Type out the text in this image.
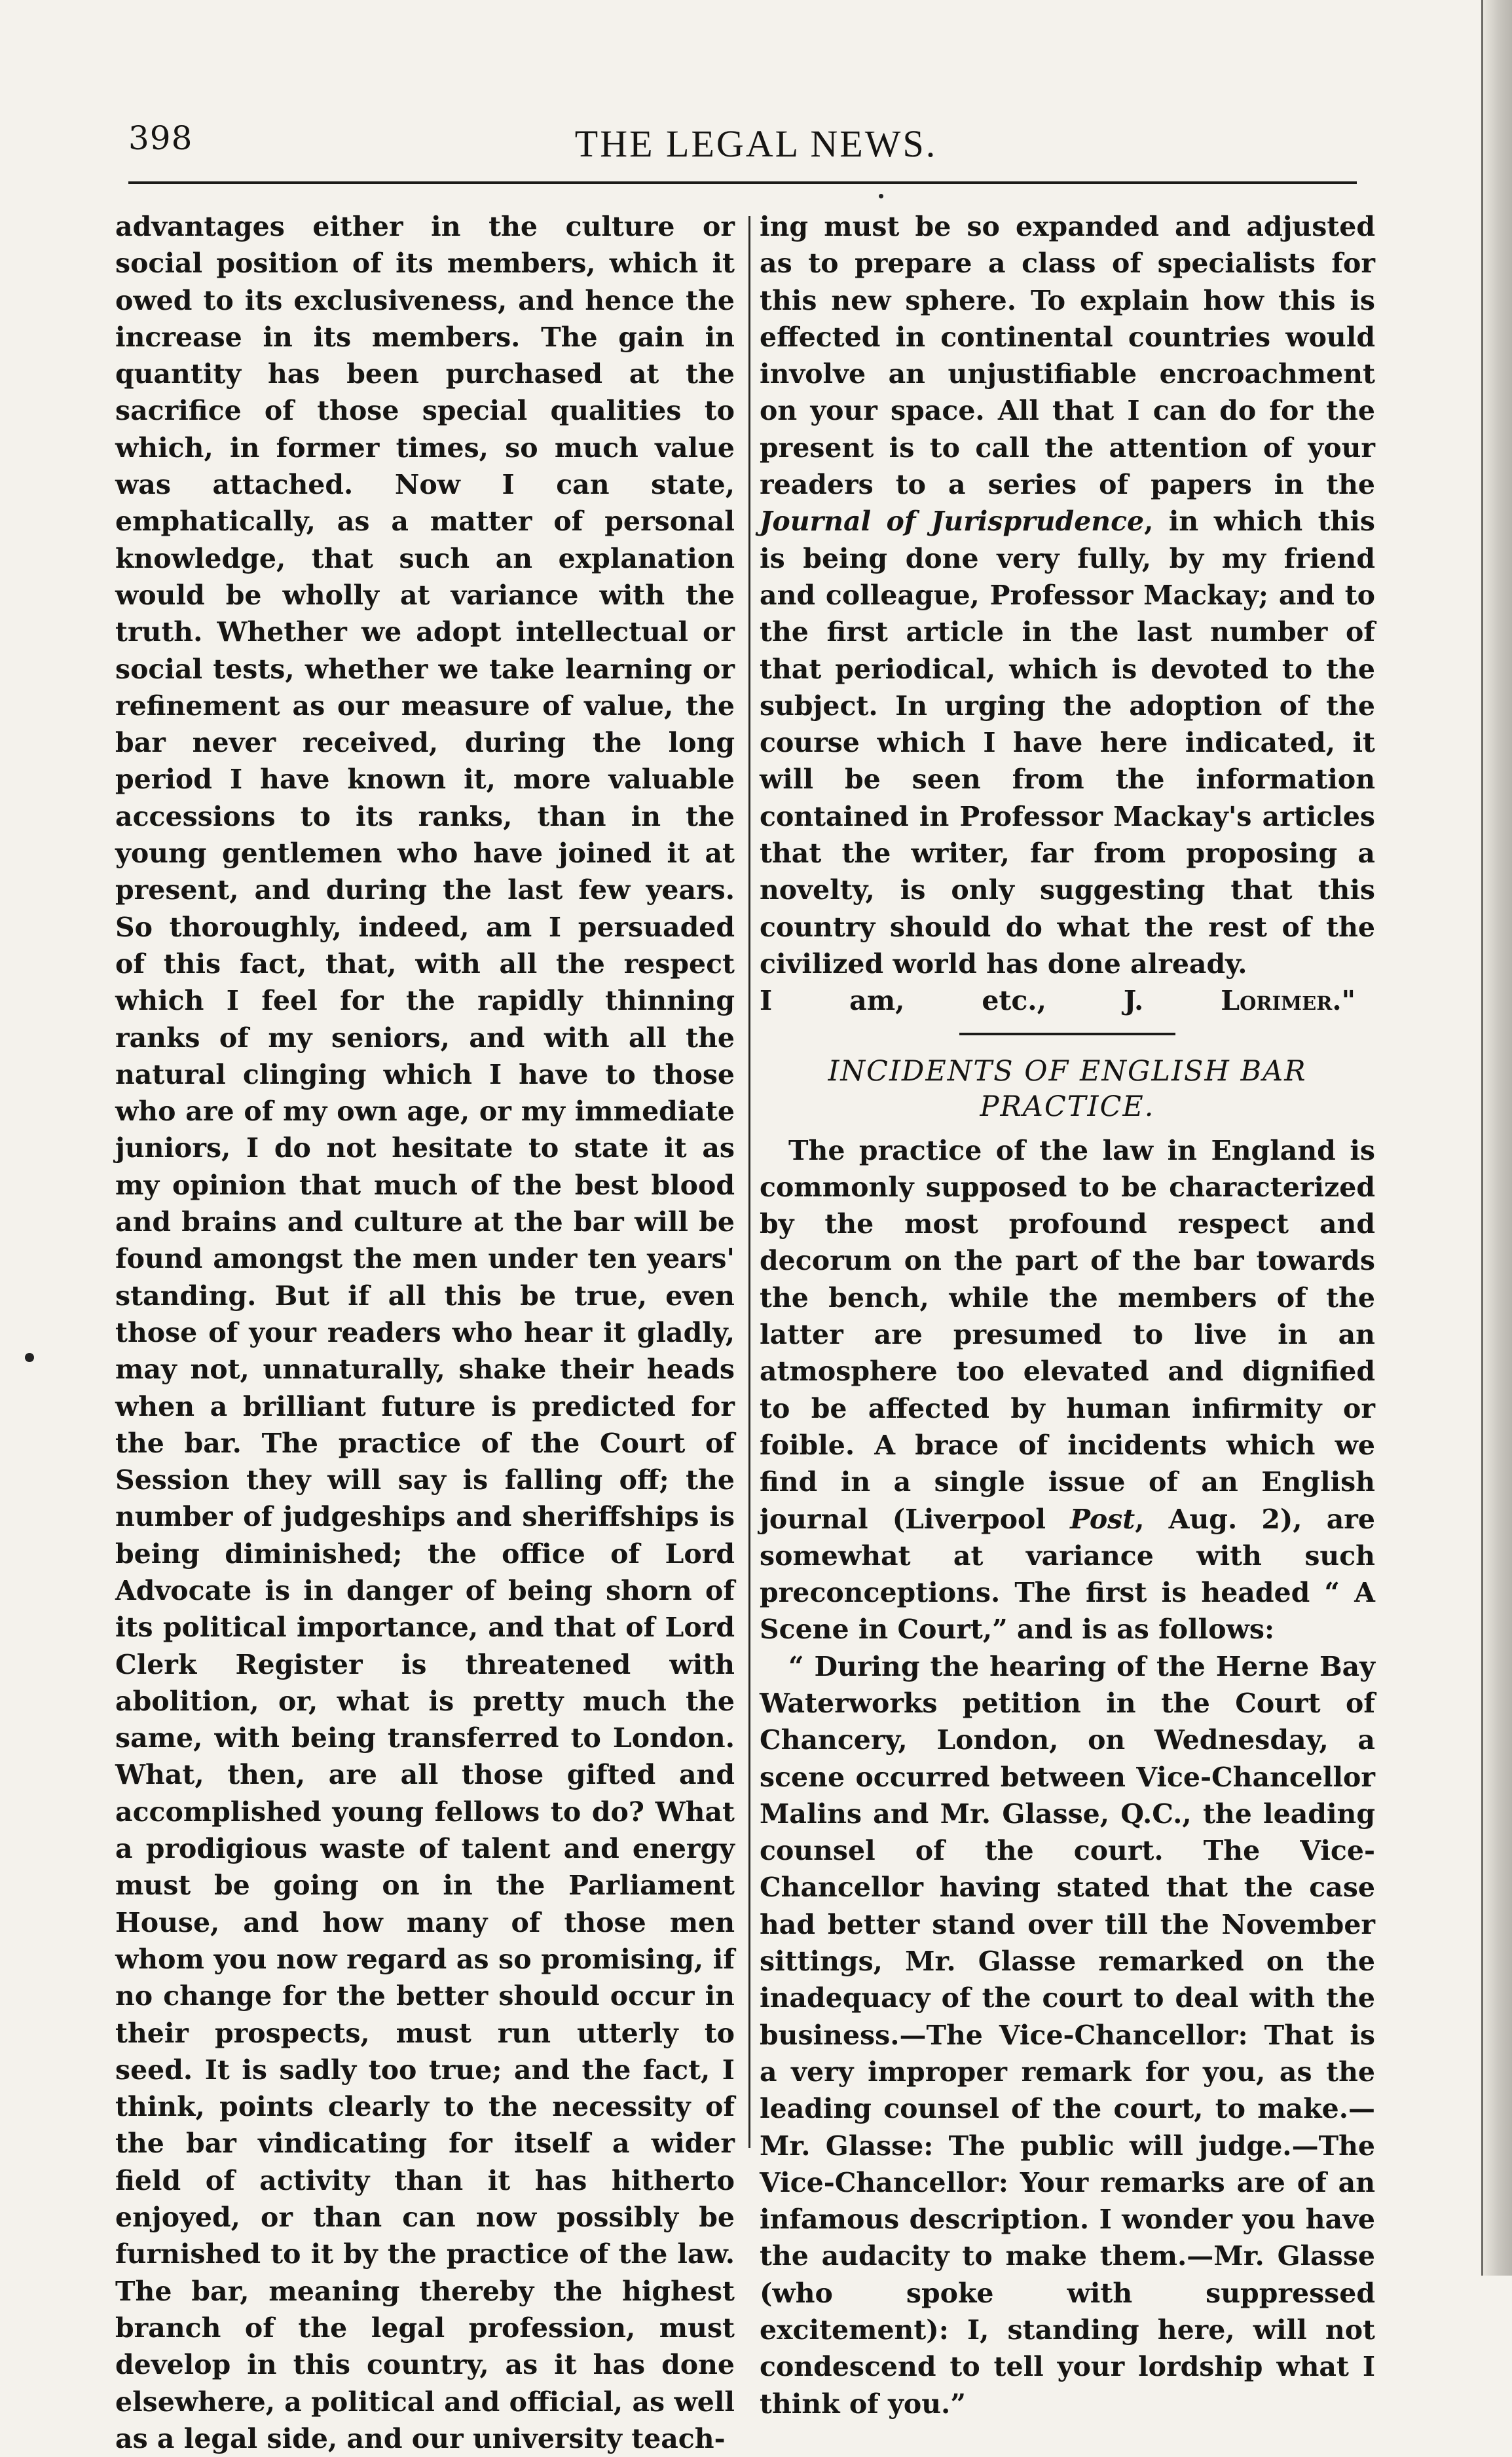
398	THE LEGAL NEWS.

advantages either in the culture or social position of its members, which it owed to its exclusiveness, and hence the increase in its members. The gain in quantity has been purchased at the sacrifice of those special qualities to which, in former times, so much value was attached. Now I can state, emphatically, as a matter of personal knowledge, that such an explanation would be wholly at variance with the truth. Whether we adopt intellectual or social tests, whether we take learning or refinement as our measure of value, the bar never received, during the long period I have known it, more valuable accessions to its ranks, than in the young gentlemen who have joined it at present, and during the last few years. So thoroughly, indeed, am I persuaded of this fact, that, with all the respect which I feel for the rapidly thinning ranks of my seniors, and with all the natural clinging which I have to those who are of my own age, or my immediate juniors, I do not hesitate to state it as my opinion that much of the best blood and brains and culture at the bar will be found amongst the men under ten years' standing. But if all this be true, even those of your readers who hear it gladly, may not, unnaturally, shake their heads when a brilliant future is predicted for the bar. The practice of the Court of Session they will say is falling off; the number of judgeships and sheriffships is being diminished; the office of Lord Advocate is in danger of being shorn of its political importance, and that of Lord Clerk Register is threatened with abolition, or, what is pretty much the same, with being transferred to London. What, then, are all those gifted and accomplished young fellows to do? What a prodigious waste of talent and energy must be going on in the Parliament House, and how many of those men whom you now regard as so promising, if no change for the better should occur in their prospects, must run utterly to seed. It is sadly too true; and the fact, I think, points clearly to the necessity of the bar vindicating for itself a wider field of activity than it has hitherto enjoyed, or than can now possibly be furnished to it by the practice of the law. The bar, meaning thereby the highest branch of the legal profession, must develop in this country, as it has done elsewhere, a political and official, as well as a legal side, and our university teach-

ing must be so expanded and adjusted as to prepare a class of specialists for this new sphere. To explain how this is effected in continental countries would involve an unjustifiable encroachment on your space. All that I can do for the present is to call the attention of your readers to a series of papers in the Journal of Jurisprudence, in which this is being done very fully, by my friend and colleague, Professor Mackay; and to the first article in the last number of that periodical, which is devoted to the subject. In urging the adoption of the course which I have here indicated, it will be seen from the information contained in Professor Mackay's articles that the writer, far from proposing a novelty, is only suggesting that this country should do what the rest of the civilized world has done already.

I am, etc., J. Lorimer."

INCIDENTS OF ENGLISH BAR
PRACTICE.

The practice of the law in England is commonly supposed to be characterized by the most profound respect and decorum on the part of the bar towards the bench, while the members of the latter are presumed to live in an atmosphere too elevated and dignified to be affected by human infirmity or foible. A brace of incidents which we find in a single issue of an English journal (Liverpool Post, Aug. 2), are somewhat at variance with such preconceptions. The first is headed “ A Scene in Court,” and is as follows:

“ During the hearing of the Herne Bay Waterworks petition in the Court of Chancery, London, on Wednesday, a scene occurred between Vice-Chancellor Malins and Mr. Glasse, Q.C., the leading counsel of the court. The Vice-Chancellor having stated that the case had better stand over till the November sittings, Mr. Glasse remarked on the inadequacy of the court to deal with the business.—The Vice-Chancellor: That is a very improper remark for you, as the leading counsel of the court, to make.—Mr. Glasse: The public will judge.—The Vice-Chancellor: Your remarks are of an infamous description. I wonder you have the audacity to make them.—Mr. Glasse (who spoke with suppressed excitement): I, standing here, will not condescend to tell your lordship what I think of you.”
